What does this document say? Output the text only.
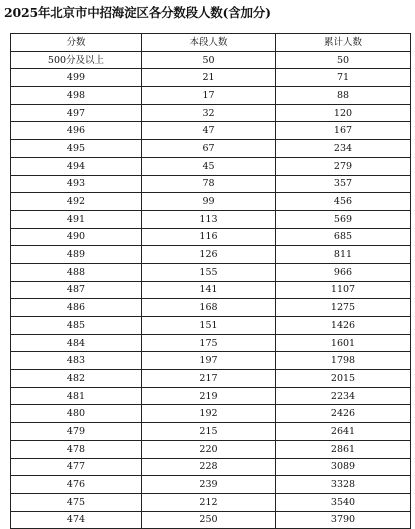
2025年北京市中招海淀区各分数段人数(含加分)
分数	本段人数	累计人数
500分及以上	50	50
499	21	71
498	17	88
497	32	120
496	47	167
495	67	234
494	45	279
493	78	357
492	99	456
491	113	569
490	116	685
489	126	811
488	155	966
487	141	1107
486	168	1275
485	151	1426
484	175	1601
483	197	1798
482	217	2015
481	219	2234
480	192	2426
479	215	2641
478	220	2861
477	228	3089
476	239	3328
475	212	3540
474	250	3790
